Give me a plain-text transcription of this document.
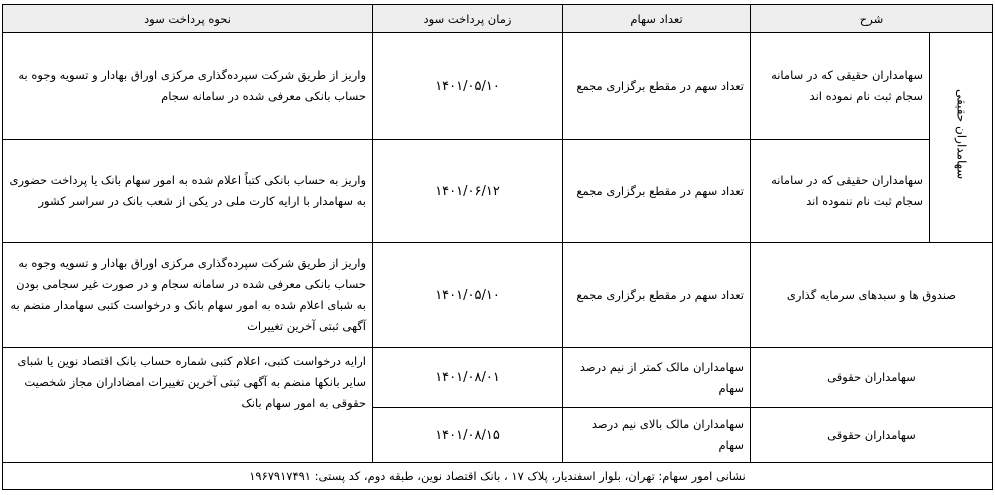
شرح		تعداد سهام	زمان پرداخت سود	نحوه پرداخت سود
سهامداران حقیقی	سهامداران حقیقی که در سامانه سجام ثبت نام نموده اند	تعداد سهم در مقطع برگزاری مجمع	۱۴۰۱/۰۵/۱۰	واریز از طریق شرکت سپرده‌گذاری مرکزی اوراق بهادار و تسویه وجوه به حساب بانکی معرفی شده در سامانه سجام
	سهامداران حقیقی که در سامانه سجام ثبت نام ننموده اند	تعداد سهم در مقطع برگزاری مجمع	۱۴۰۱/۰۶/۱۲	واریز به حساب بانکی کتباً اعلام شده به امور سهام بانک یا پرداخت حضوری به سهامدار با ارایه کارت ملی در یکی از شعب بانک در سراسر کشور
صندوق ها و سبدهای سرمایه گذاری		تعداد سهم در مقطع برگزاری مجمع	۱۴۰۱/۰۵/۱۰	واریز از طریق شرکت سپرده‌گذاری مرکزی اوراق بهادار و تسویه وجوه به حساب بانکی معرفی شده در سامانه سجام و در صورت غیر سجامی بودن به شبای اعلام شده به امور سهام بانک و درخواست کتبی سهامدار منضم به آگهی ثبتی آخرین تغییرات
سهامداران حقوقی		سهامداران مالک کمتر از نیم درصد سهام	۱۴۰۱/۰۸/۰۱	ارایه درخواست کتبی، اعلام کتبی شماره حساب بانک اقتصاد نوین یا شبای سایر بانکها منضم به آگهی ثبتی آخرین تغییرات امضاداران مجاز شخصیت حقوقی به امور سهام بانک
سهامداران حقوقی		سهامداران مالک بالای نیم درصد سهام	۱۴۰۱/۰۸/۱۵	
نشانی امور سهام: تهران، بلوار اسفندیار، پلاک ۱۷ ، بانک اقتصاد نوین، طبقه دوم، کد پستی: ۱۹۶۷۹۱۷۴۹۱				
